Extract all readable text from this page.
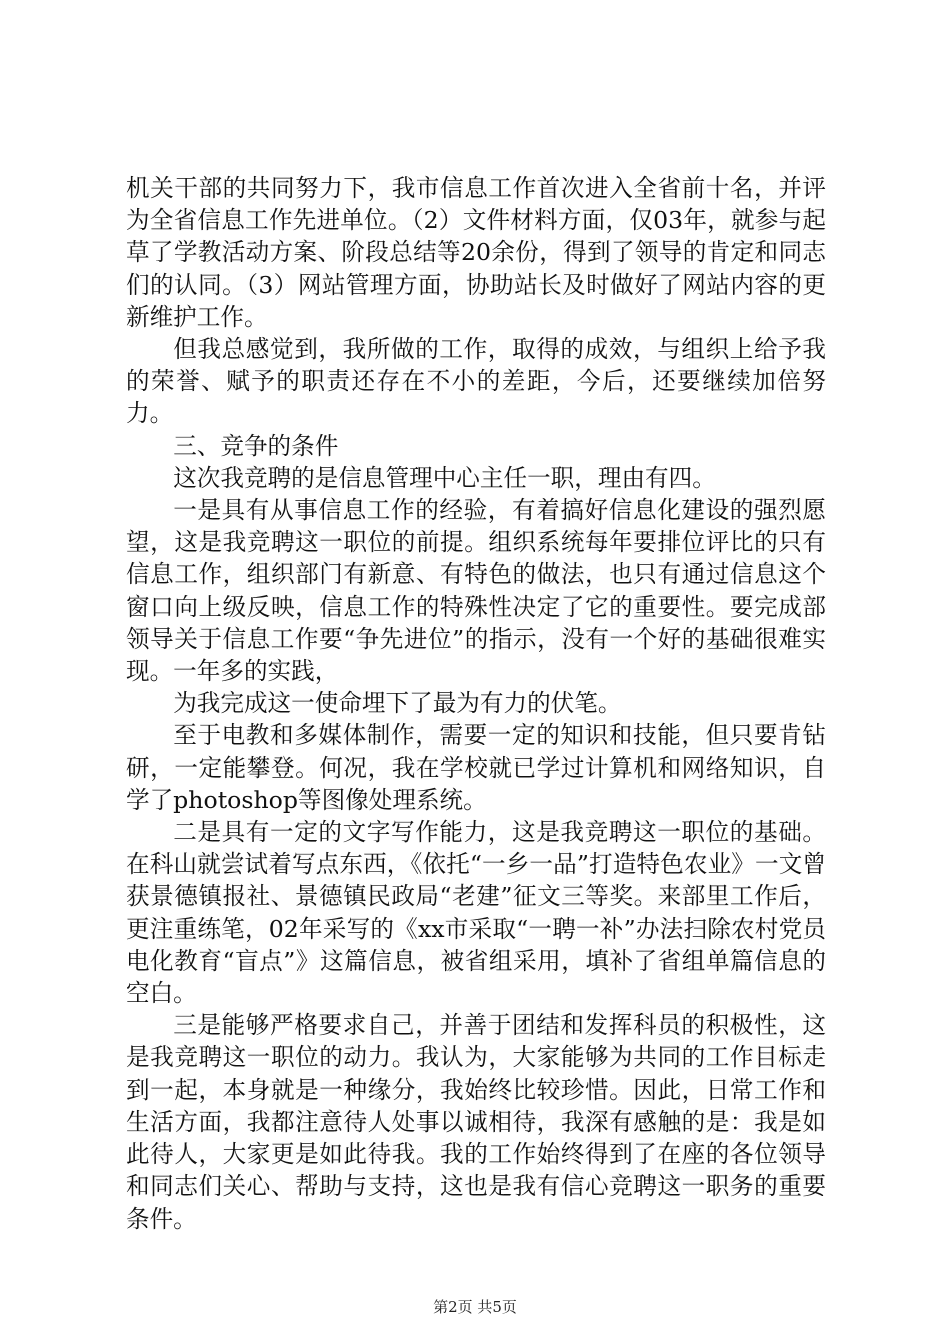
机关干部的共同努力下，我市信息工作首次进入全省前十名，并评为全省信息工作先进单位。（2）文件材料方面，仅03年，就参与起草了学教活动方案、阶段总结等20余份，得到了领导的肯定和同志们的认同。（3）网站管理方面，协助站长及时做好了网站内容的更新维护工作。

但我总感觉到，我所做的工作，取得的成效，与组织上给予我的荣誉、赋予的职责还存在不小的差距，今后，还要继续加倍努力。

三、竞争的条件

这次我竞聘的是信息管理中心主任一职，理由有四。

一是具有从事信息工作的经验，有着搞好信息化建设的强烈愿望，这是我竞聘这一职位的前提。组织系统每年要排位评比的只有信息工作，组织部门有新意、有特色的做法，也只有通过信息这个窗口向上级反映，信息工作的特殊性决定了它的重要性。要完成部领导关于信息工作要“争先进位”的指示，没有一个好的基础很难实现。一年多的实践，

为我完成这一使命埋下了最为有力的伏笔。

至于电教和多媒体制作，需要一定的知识和技能，但只要肯钻研，一定能攀登。何况，我在学校就已学过计算机和网络知识，自学了photoshop等图像处理系统。

二是具有一定的文字写作能力，这是我竞聘这一职位的基础。在科山就尝试着写点东西，《依托“一乡一品”打造特色农业》一文曾获景德镇报社、景德镇民政局“老建”征文三等奖。来部里工作后，更注重练笔，02年采写的《xx市采取“一聘一补”办法扫除农村党员电化教育“盲点”》这篇信息，被省组采用，填补了省组单篇信息的空白。

三是能够严格要求自己，并善于团结和发挥科员的积极性，这是我竞聘这一职位的动力。我认为，大家能够为共同的工作目标走到一起，本身就是一种缘分，我始终比较珍惜。因此，日常工作和生活方面，我都注意待人处事以诚相待，我深有感触的是：我是如此待人，大家更是如此待我。我的工作始终得到了在座的各位领导和同志们关心、帮助与支持，这也是我有信心竞聘这一职务的重要条件。

第2页 共5页
